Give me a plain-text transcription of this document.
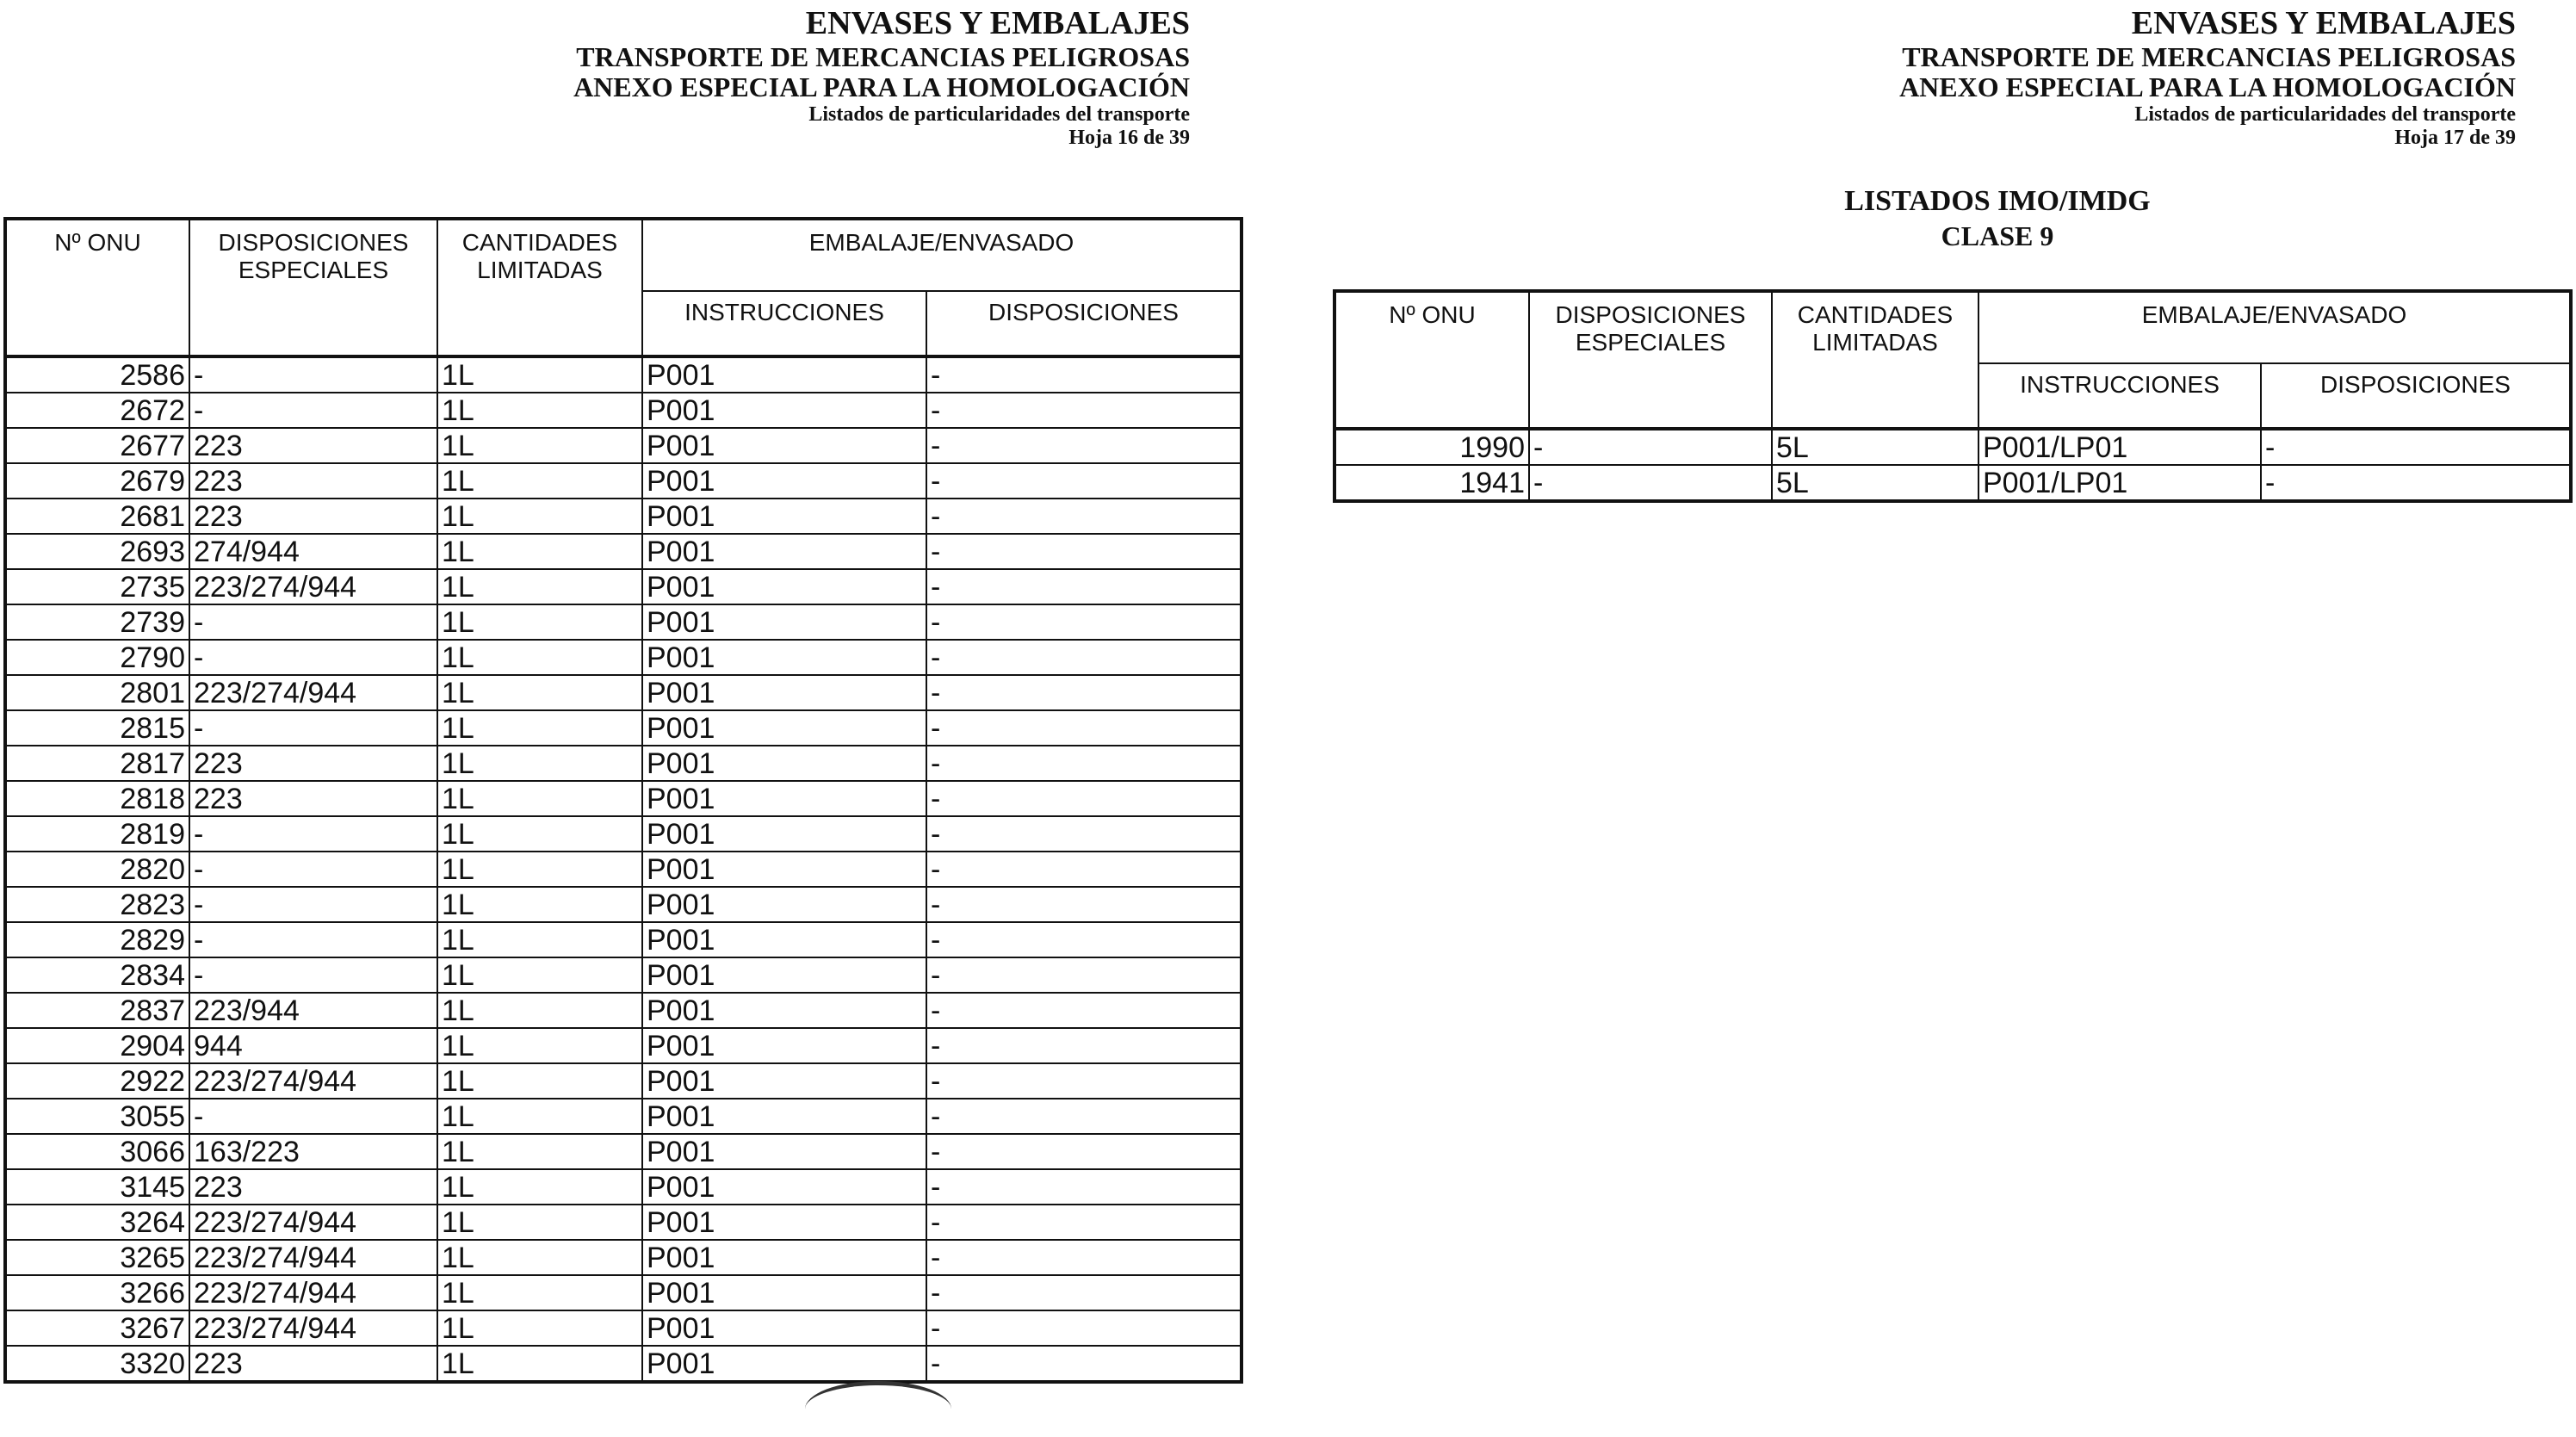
ENVASES Y EMBALAJES
TRANSPORTE DE MERCANCIAS PELIGROSAS
ANEXO ESPECIAL PARA LA HOMOLOGACIÓN
Listados de particularidades del transporte
Hoja 16 de 39
Nº ONU	DISPOSICIONES ESPECIALES	CANTIDADES LIMITADAS	EMBALAJE/ENVASADO	
			INSTRUCCIONES	DISPOSICIONES
2586	-	1L	P001	-
2672	-	1L	P001	-
2677	223	1L	P001	-
2679	223	1L	P001	-
2681	223	1L	P001	-
2693	274/944	1L	P001	-
2735	223/274/944	1L	P001	-
2739	-	1L	P001	-
2790	-	1L	P001	-
2801	223/274/944	1L	P001	-
2815	-	1L	P001	-
2817	223	1L	P001	-
2818	223	1L	P001	-
2819	-	1L	P001	-
2820	-	1L	P001	-
2823	-	1L	P001	-
2829	-	1L	P001	-
2834	-	1L	P001	-
2837	223/944	1L	P001	-
2904	944	1L	P001	-
2922	223/274/944	1L	P001	-
3055	-	1L	P001	-
3066	163/223	1L	P001	-
3145	223	1L	P001	-
3264	223/274/944	1L	P001	-
3265	223/274/944	1L	P001	-
3266	223/274/944	1L	P001	-
3267	223/274/944	1L	P001	-
3320	223	1L	P001	-
ENVASES Y EMBALAJES
TRANSPORTE DE MERCANCIAS PELIGROSAS
ANEXO ESPECIAL PARA LA HOMOLOGACIÓN
Listados de particularidades del transporte
Hoja 17 de 39
LISTADOS IMO/IMDG
CLASE 9
Nº ONU	DISPOSICIONES ESPECIALES	CANTIDADES LIMITADAS	EMBALAJE/ENVASADO	
			INSTRUCCIONES	DISPOSICIONES
1990	-	5L	P001/LP01	-
1941	-	5L	P001/LP01	-
